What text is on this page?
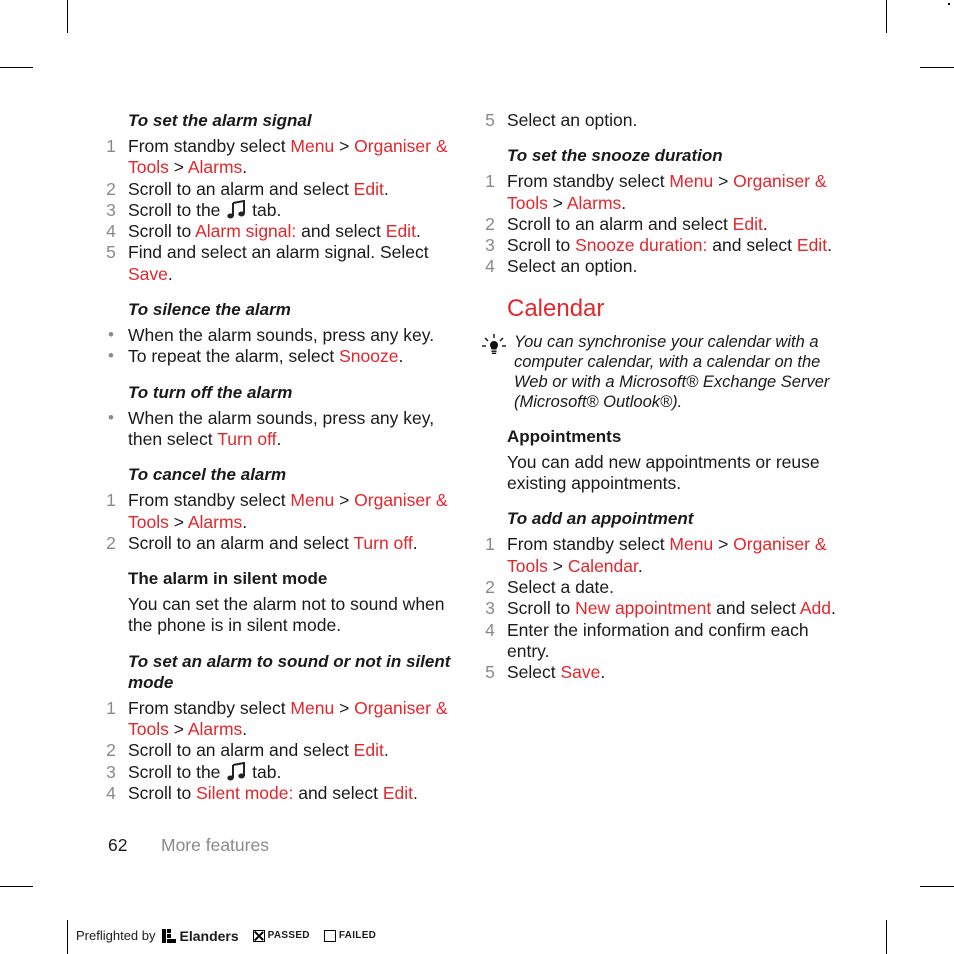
To set the alarm signal
1 From standby select Menu > Organiser & Tools > Alarms.
2 Scroll to an alarm and select Edit.
3 Scroll to the  tab.
4 Scroll to Alarm signal: and select Edit.
5 Find and select an alarm signal. Select Save.
To silence the alarm
• When the alarm sounds, press any key.
• To repeat the alarm, select Snooze.
To turn off the alarm
• When the alarm sounds, press any key, then select Turn off.
To cancel the alarm
1 From standby select Menu > Organiser & Tools > Alarms.
2 Scroll to an alarm and select Turn off.
The alarm in silent mode
You can set the alarm not to sound when the phone is in silent mode.
To set an alarm to sound or not in silent mode
1 From standby select Menu > Organiser & Tools > Alarms.
2 Scroll to an alarm and select Edit.
3 Scroll to the  tab.
4 Scroll to Silent mode: and select Edit.
5 Select an option.
To set the snooze duration
1 From standby select Menu > Organiser & Tools > Alarms.
2 Scroll to an alarm and select Edit.
3 Scroll to Snooze duration: and select Edit.
4 Select an option.
Calendar
You can synchronise your calendar with a computer calendar, with a calendar on the Web or with a Microsoft® Exchange Server (Microsoft® Outlook®).
Appointments
You can add new appointments or reuse existing appointments.
To add an appointment
1 From standby select Menu > Organiser & Tools > Calendar.
2 Select a date.
3 Scroll to New appointment and select Add.
4 Enter the information and confirm each entry.
5 Select Save.
62 More features
Preflighted by Elanders	PASSED	FAILED
